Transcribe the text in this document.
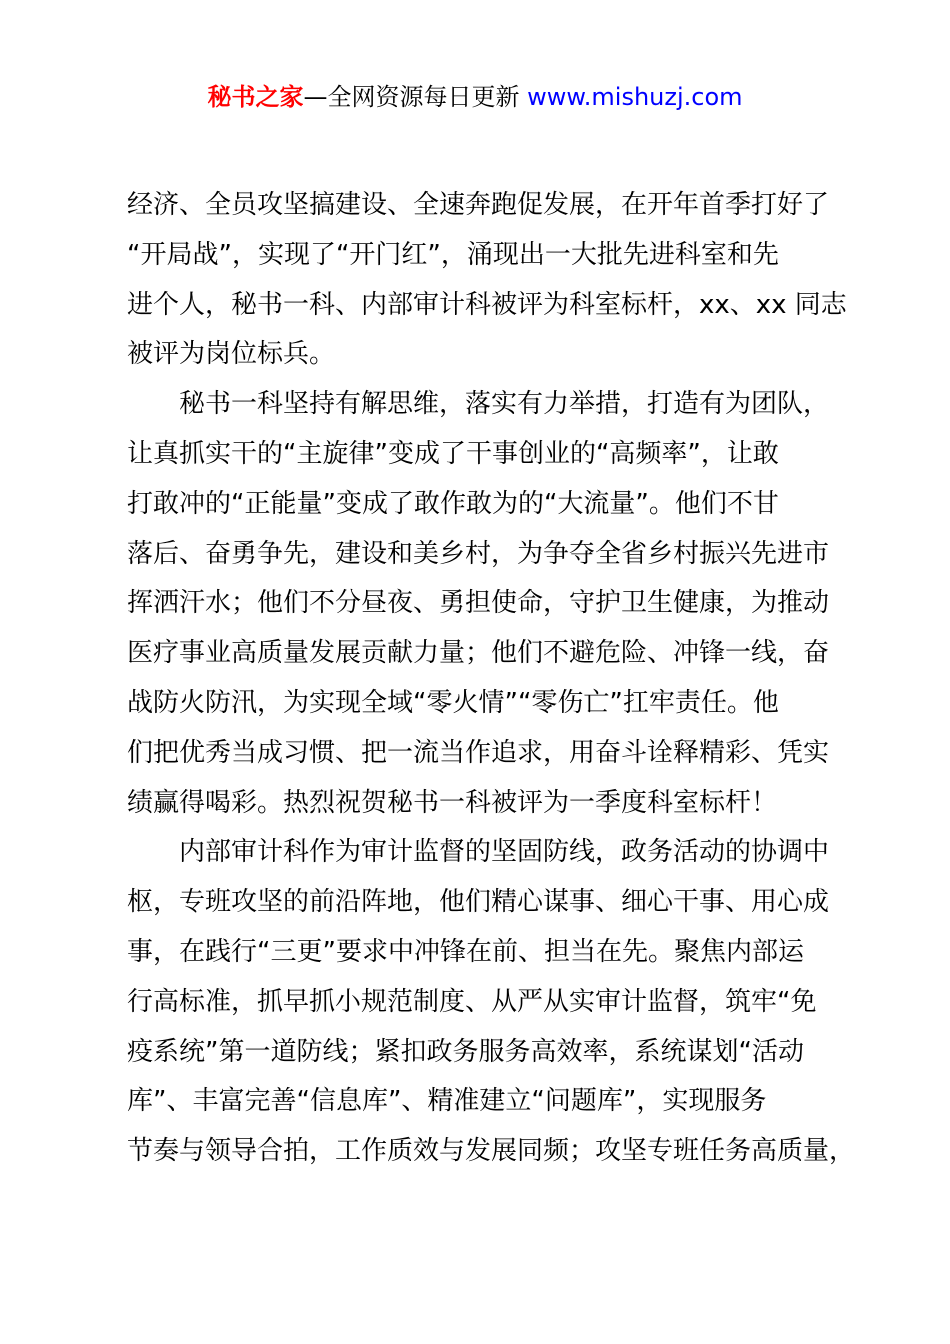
秘书之家—全网资源每日更新 www.mishuzj.com
经济、全员攻坚搞建设、全速奔跑促发展，在开年首季打好了
“开局战”，实现了“开门红”，涌现出一大批先进科室和先
进个人，秘书一科、内部审计科被评为科室标杆，xx、xx 同志
被评为岗位标兵。
秘书一科坚持有解思维，落实有力举措，打造有为团队，
让真抓实干的“主旋律”变成了干事创业的“高频率”，让敢
打敢冲的“正能量”变成了敢作敢为的“大流量”。他们不甘
落后、奋勇争先，建设和美乡村，为争夺全省乡村振兴先进市
挥洒汗水；他们不分昼夜、勇担使命，守护卫生健康，为推动
医疗事业高质量发展贡献力量；他们不避危险、冲锋一线，奋
战防火防汛，为实现全域“零火情”“零伤亡”扛牢责任。他
们把优秀当成习惯、把一流当作追求，用奋斗诠释精彩、凭实
绩赢得喝彩。热烈祝贺秘书一科被评为一季度科室标杆！
内部审计科作为审计监督的坚固防线，政务活动的协调中
枢，专班攻坚的前沿阵地，他们精心谋事、细心干事、用心成
事，在践行“三更”要求中冲锋在前、担当在先。聚焦内部运
行高标准，抓早抓小规范制度、从严从实审计监督，筑牢“免
疫系统”第一道防线；紧扣政务服务高效率，系统谋划“活动
库”、丰富完善“信息库”、精准建立“问题库”，实现服务
节奏与领导合拍，工作质效与发展同频；攻坚专班任务高质量，
